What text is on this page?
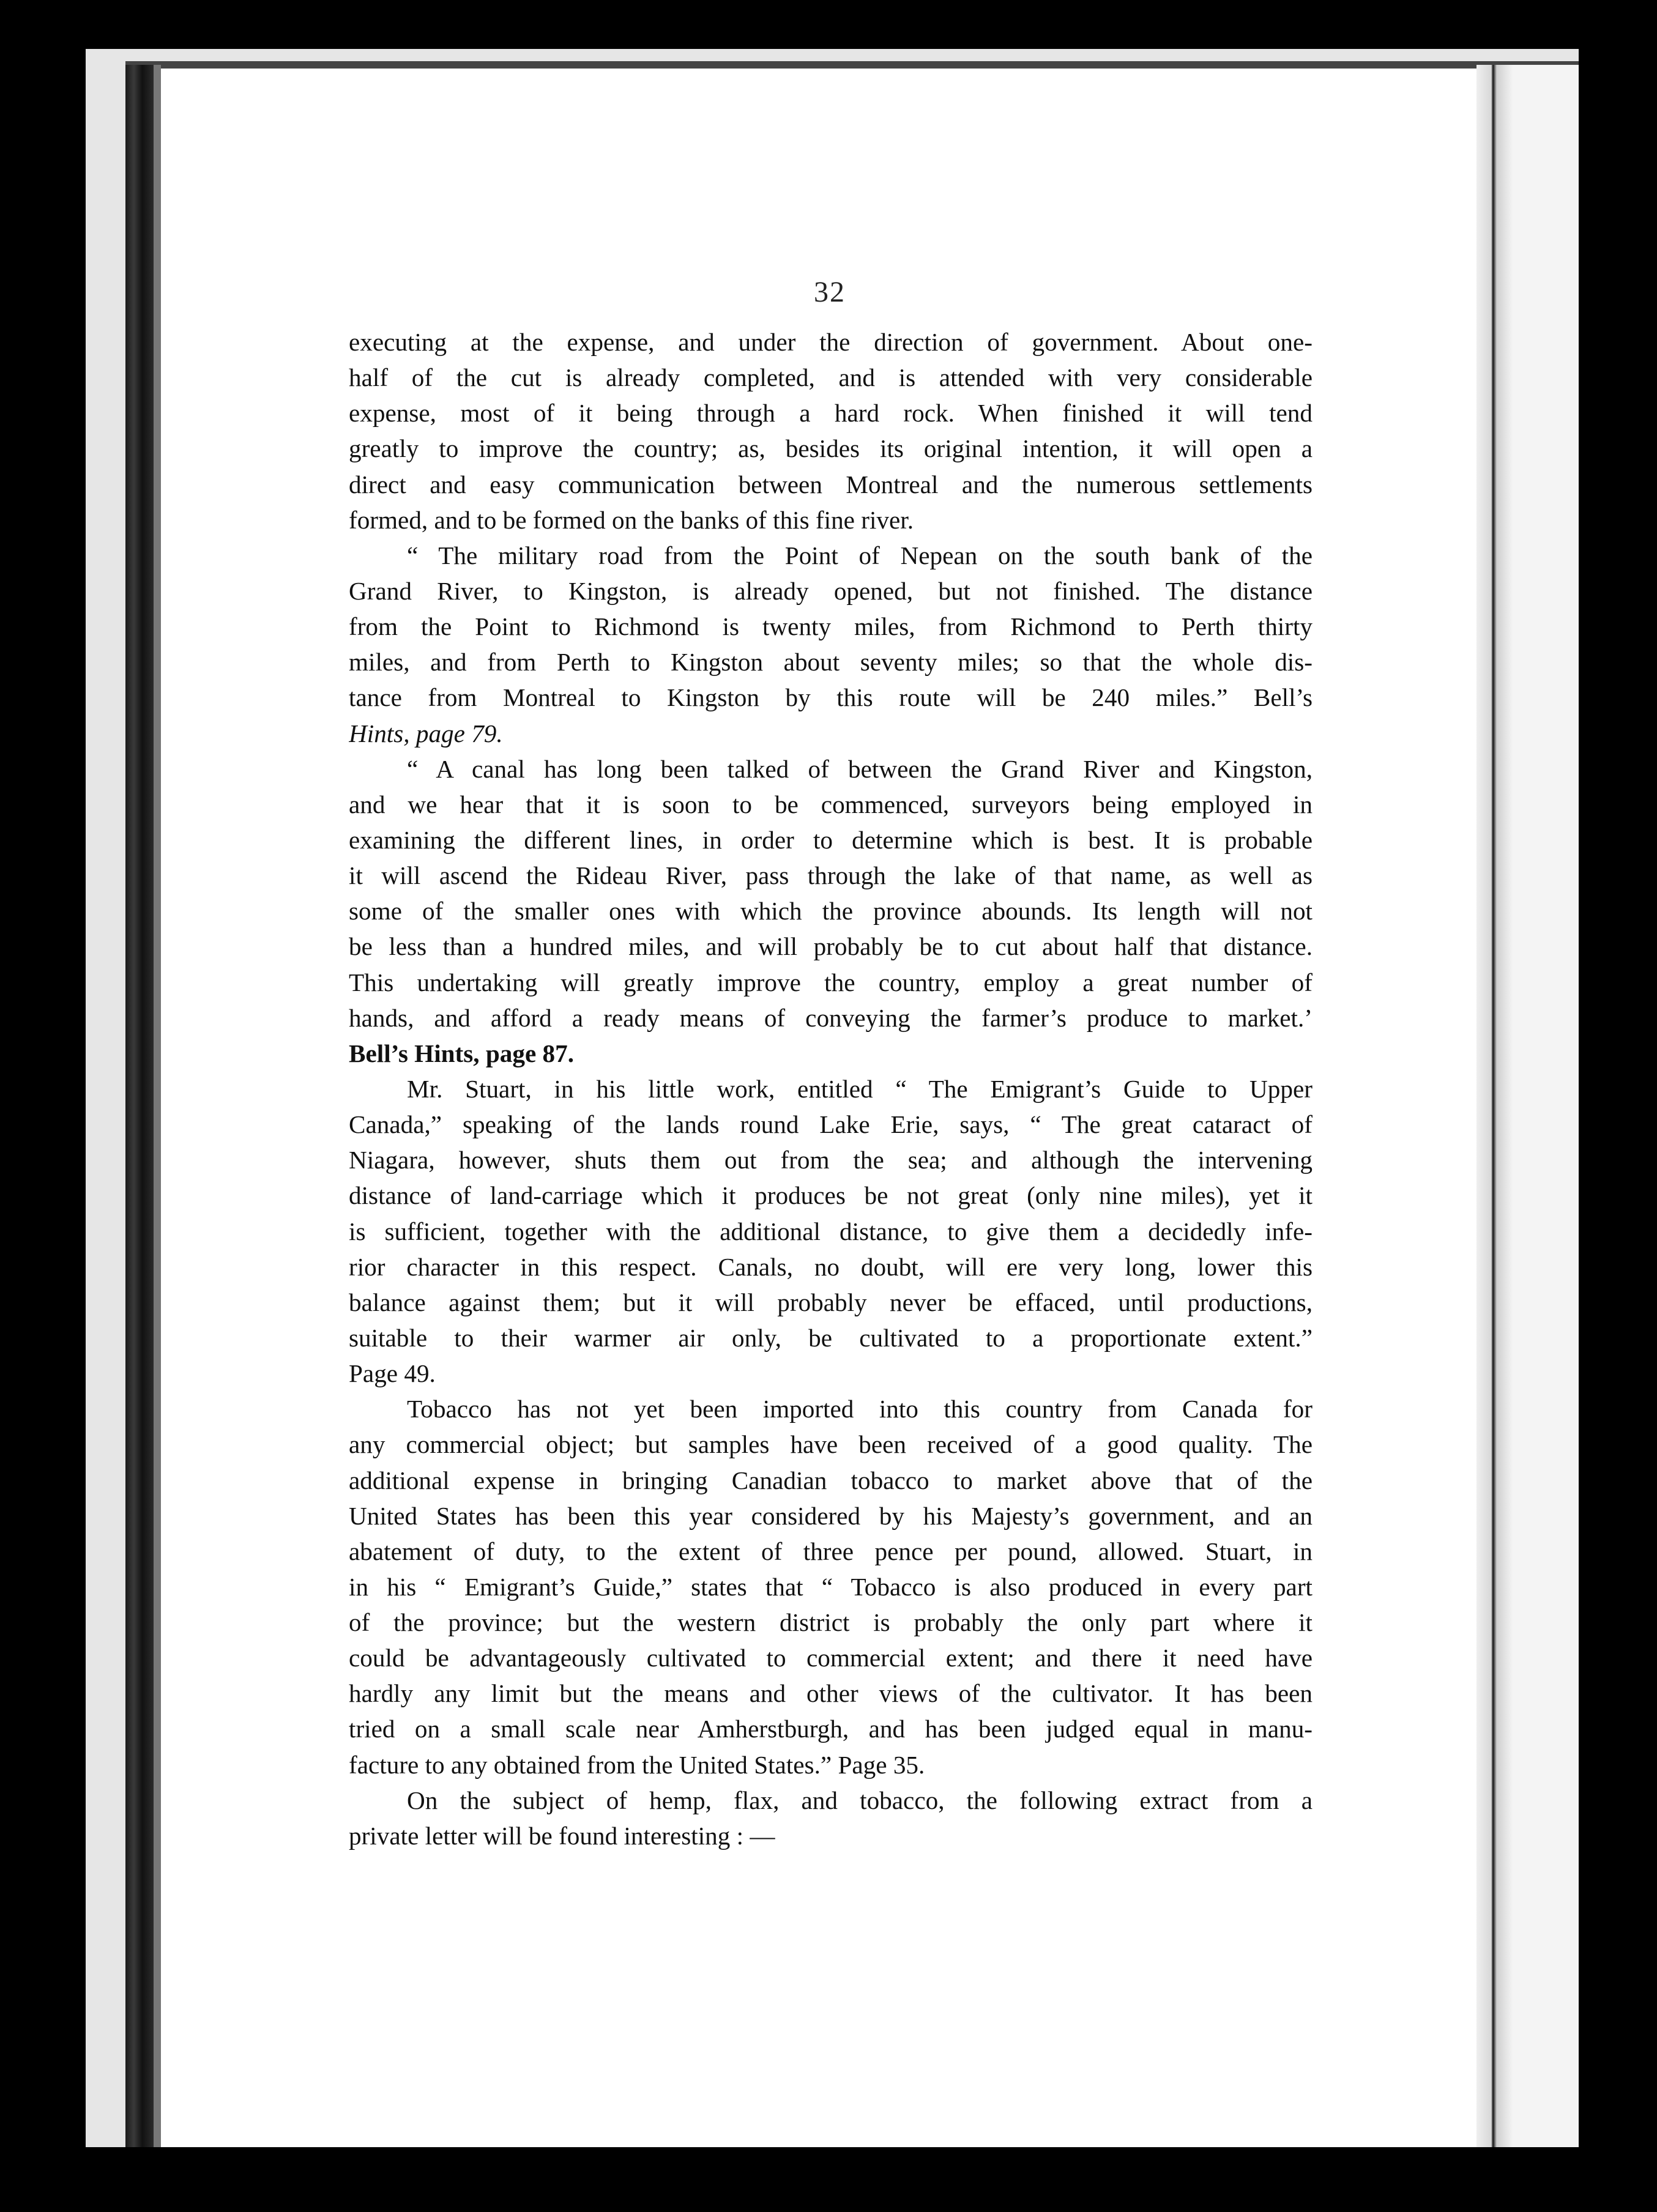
32
executing at the expense, and under the direction of government. About one-
half of the cut is already completed, and is attended with very considerable
expense, most of it being through a hard rock. When finished it will tend
greatly to improve the country; as, besides its original intention, it will open a
direct and easy communication between Montreal and the numerous settlements
formed, and to be formed on the banks of this fine river.
“ The military road from the Point of Nepean on the south bank of the
Grand River, to Kingston, is already opened, but not finished. The distance
from the Point to Richmond is twenty miles, from Richmond to Perth thirty
miles, and from Perth to Kingston about seventy miles; so that the whole dis-
tance from Montreal to Kingston by this route will be 240 miles.” Bell’s
Hints, page 79.
“ A canal has long been talked of between the Grand River and Kingston,
and we hear that it is soon to be commenced, surveyors being employed in
examining the different lines, in order to determine which is best. It is probable
it will ascend the Rideau River, pass through the lake of that name, as well as
some of the smaller ones with which the province abounds. Its length will not
be less than a hundred miles, and will probably be to cut about half that distance.
This undertaking will greatly improve the country, employ a great number of
hands, and afford a ready means of conveying the farmer’s produce to market.’
Bell’s Hints, page 87.
Mr. Stuart, in his little work, entitled “ The Emigrant’s Guide to Upper
Canada,” speaking of the lands round Lake Erie, says, “ The great cataract of
Niagara, however, shuts them out from the sea; and although the intervening
distance of land-carriage which it produces be not great (only nine miles), yet it
is sufficient, together with the additional distance, to give them a decidedly infe-
rior character in this respect. Canals, no doubt, will ere very long, lower this
balance against them; but it will probably never be effaced, until productions,
suitable to their warmer air only, be cultivated to a proportionate extent.”
Page 49.
Tobacco has not yet been imported into this country from Canada for
any commercial object; but samples have been received of a good quality. The
additional expense in bringing Canadian tobacco to market above that of the
United States has been this year considered by his Majesty’s government, and an
abatement of duty, to the extent of three pence per pound, allowed. Stuart, in
in his “ Emigrant’s Guide,” states that “ Tobacco is also produced in every part
of the province; but the western district is probably the only part where it
could be advantageously cultivated to commercial extent; and there it need have
hardly any limit but the means and other views of the cultivator. It has been
tried on a small scale near Amherstburgh, and has been judged equal in manu-
facture to any obtained from the United States.” Page 35.
On the subject of hemp, flax, and tobacco, the following extract from a
private letter will be found interesting : —
